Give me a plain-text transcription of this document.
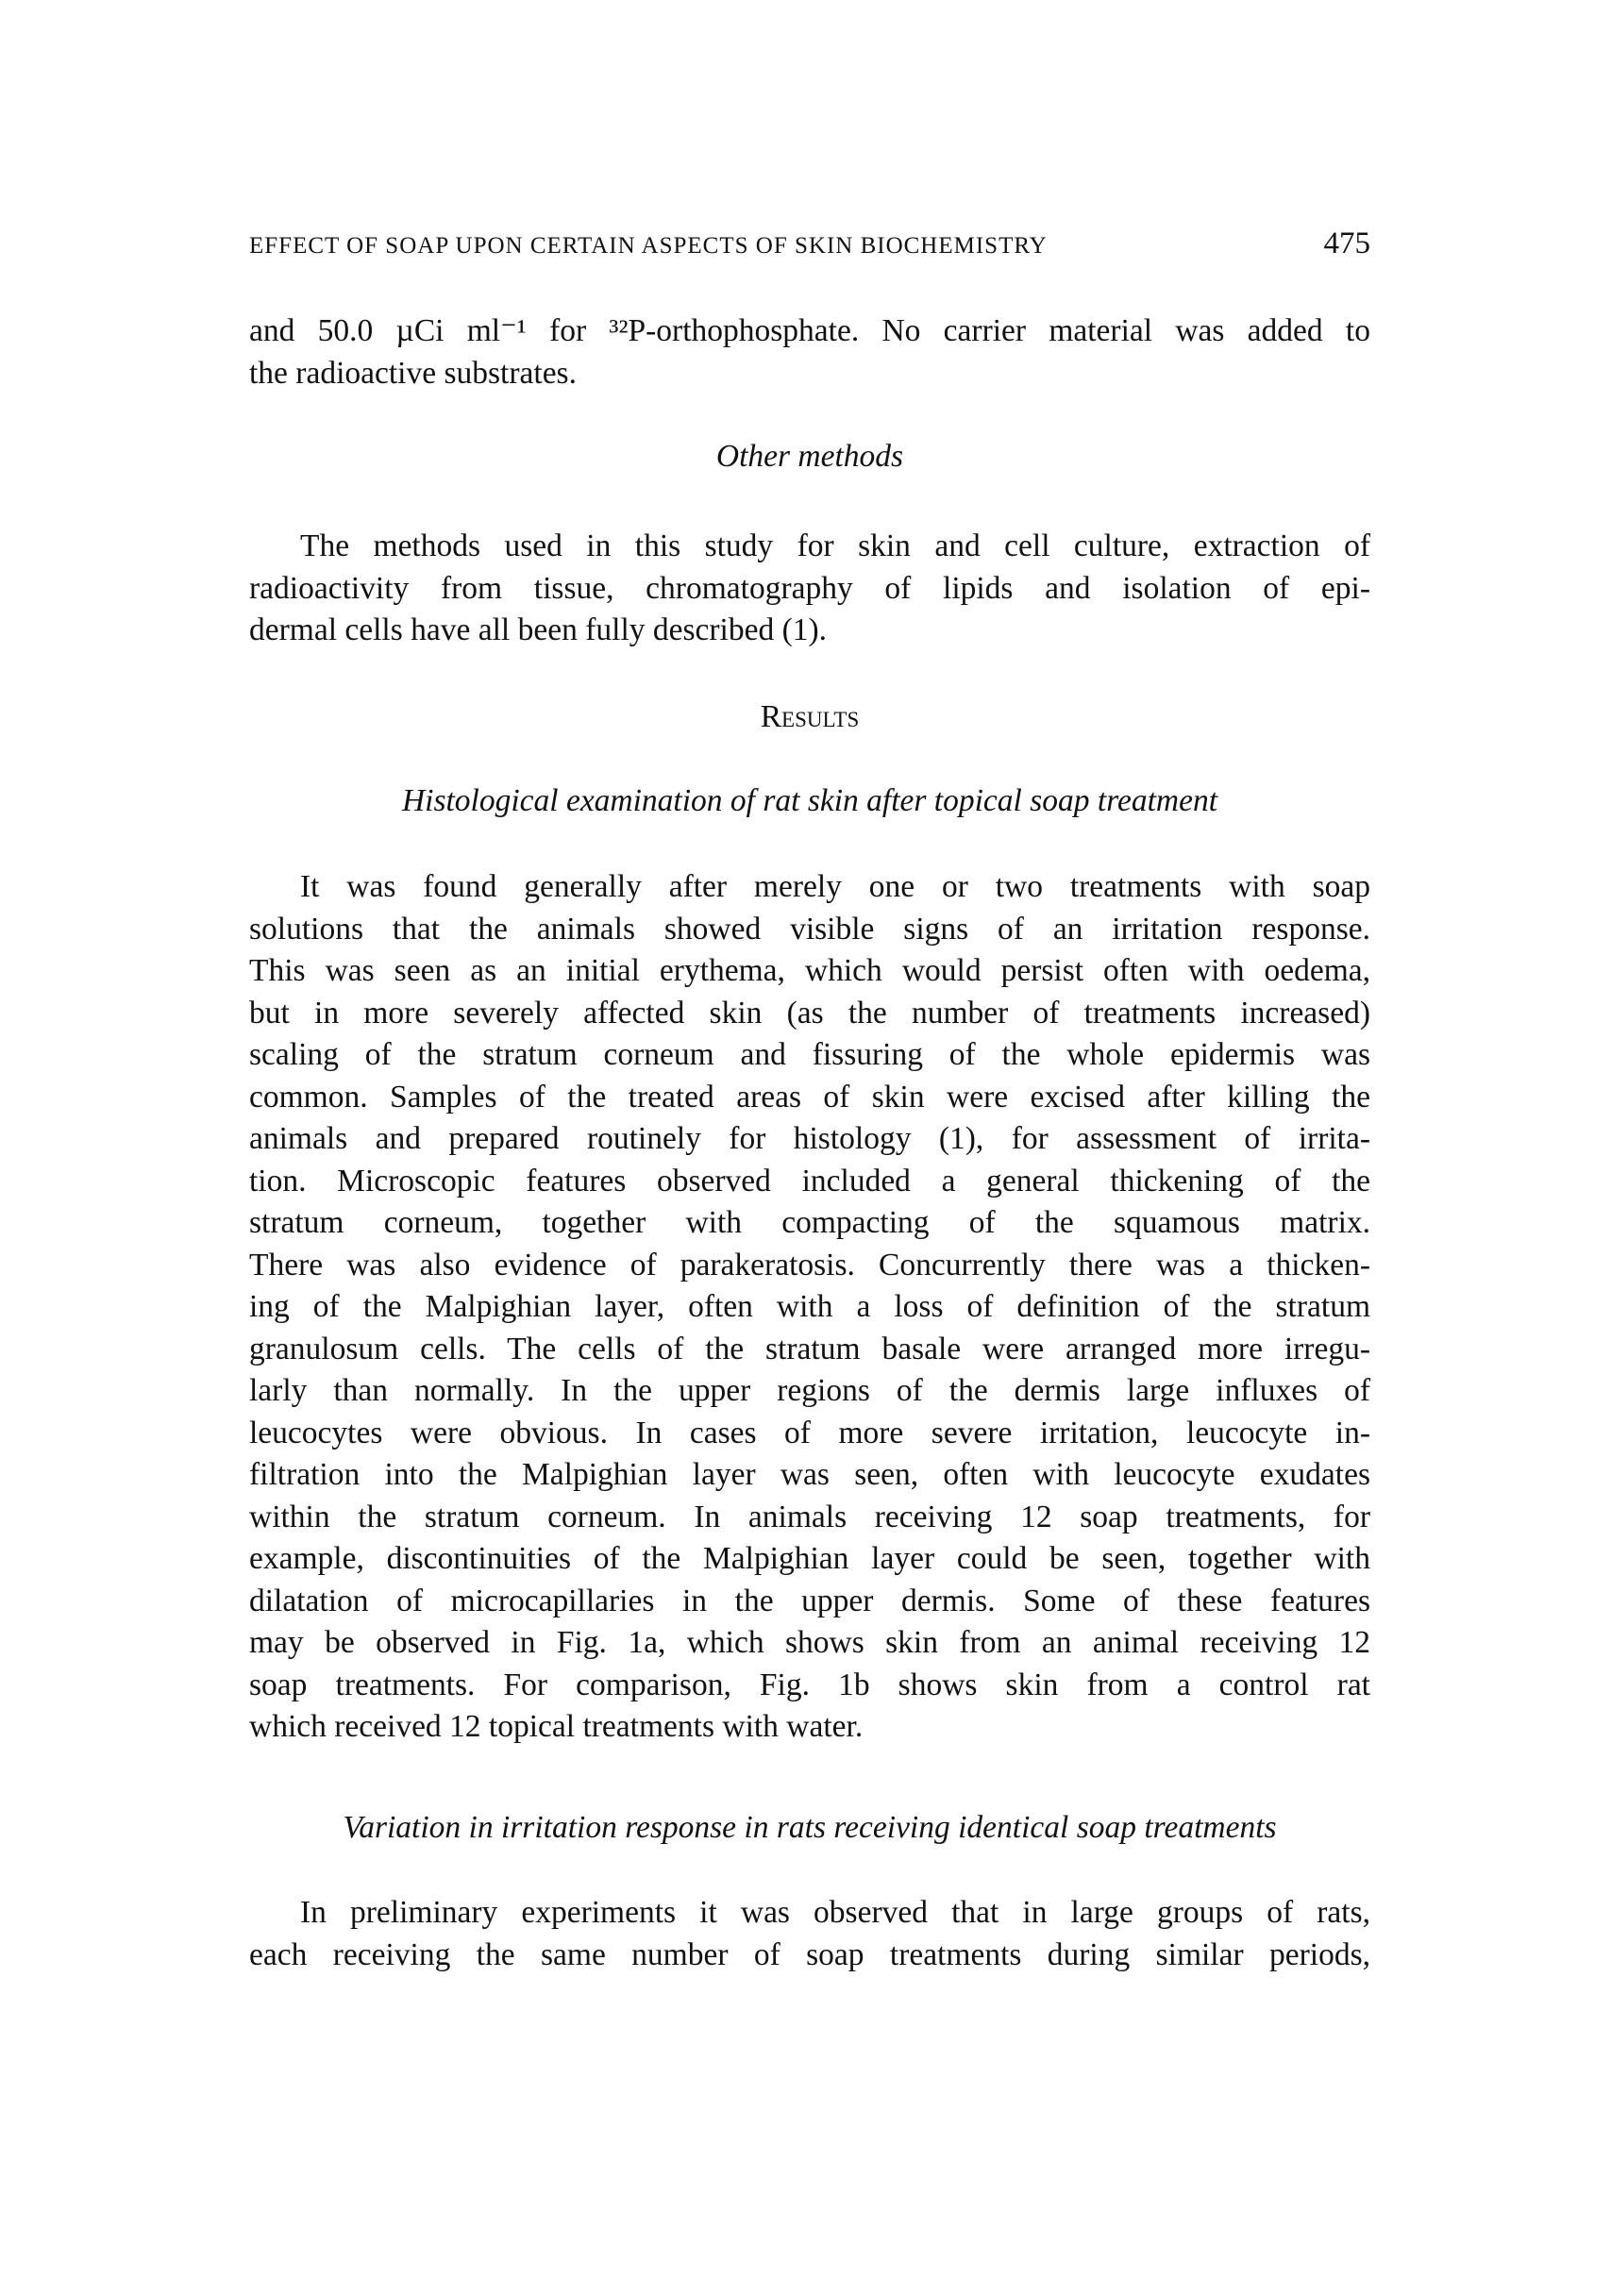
EFFECT OF SOAP UPON CERTAIN ASPECTS OF SKIN BIOCHEMISTRY	475
and 50.0 µCi ml⁻¹ for ³²P-orthophosphate. No carrier material was added to
the radioactive substrates.
Other methods
The methods used in this study for skin and cell culture, extraction of
radioactivity from tissue, chromatography of lipids and isolation of epi-
dermal cells have all been fully described (1).
Results
Histological examination of rat skin after topical soap treatment
It was found generally after merely one or two treatments with soap
solutions that the animals showed visible signs of an irritation response.
This was seen as an initial erythema, which would persist often with oedema,
but in more severely affected skin (as the number of treatments increased)
scaling of the stratum corneum and fissuring of the whole epidermis was
common. Samples of the treated areas of skin were excised after killing the
animals and prepared routinely for histology (1), for assessment of irrita-
tion. Microscopic features observed included a general thickening of the
stratum corneum, together with compacting of the squamous matrix.
There was also evidence of parakeratosis. Concurrently there was a thicken-
ing of the Malpighian layer, often with a loss of definition of the stratum
granulosum cells. The cells of the stratum basale were arranged more irregu-
larly than normally. In the upper regions of the dermis large influxes of
leucocytes were obvious. In cases of more severe irritation, leucocyte in-
filtration into the Malpighian layer was seen, often with leucocyte exudates
within the stratum corneum. In animals receiving 12 soap treatments, for
example, discontinuities of the Malpighian layer could be seen, together with
dilatation of microcapillaries in the upper dermis. Some of these features
may be observed in Fig. 1a, which shows skin from an animal receiving 12
soap treatments. For comparison, Fig. 1b shows skin from a control rat
which received 12 topical treatments with water.
Variation in irritation response in rats receiving identical soap treatments
In preliminary experiments it was observed that in large groups of rats,
each receiving the same number of soap treatments during similar periods,
